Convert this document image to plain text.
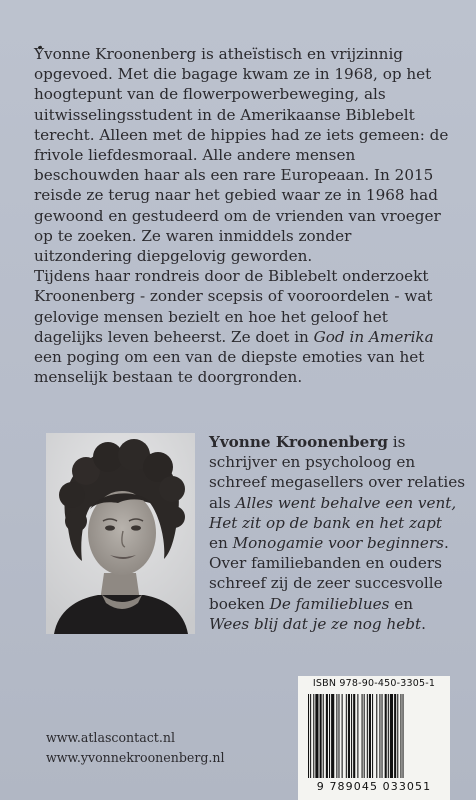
Yvonne Kroonenberg is atheïstisch en vrijzinnig opgevoed. Met die bagage kwam ze in 1968, op het hoogtepunt van de flowerpowerbeweging, als uitwisselingsstudent in de Amerikaanse Biblebelt terecht. Alleen met de hippies had ze iets gemeen: de frivole liefdesmoraal. Alle andere mensen beschouwden haar als een rare Europeaan. In 2015 reisde ze terug naar het gebied waar ze in 1968 had gewoond en gestudeerd om de vrienden van vroeger op te zoeken. Ze waren inmiddels zonder uitzondering diepgelovig geworden.

Tijdens haar rondreis door de Biblebelt onderzoekt Kroonenberg - zonder scepsis of vooroordelen - wat gelovige mensen bezielt en hoe het geloof het dagelijks leven beheerst. Ze doet in God in Amerika een poging om een van de diepste emoties van het menselijk bestaan te doorgronden.

Yvonne Kroonenberg is
schrijver en psycholoog en
schreef megasellers over relaties
als Alles went behalve een vent,
Het zit op de bank en het zapt
en Monogamie voor beginners.
Over familiebanden en ouders
schreef zij de zeer succesvolle
boeken De familieblues en
Wees blij dat je ze nog hebt.
www.atlascontact.nl
www.yvonnekroonenberg.nl
ISBN 978-90-450-3305-1
9 789045 033051
